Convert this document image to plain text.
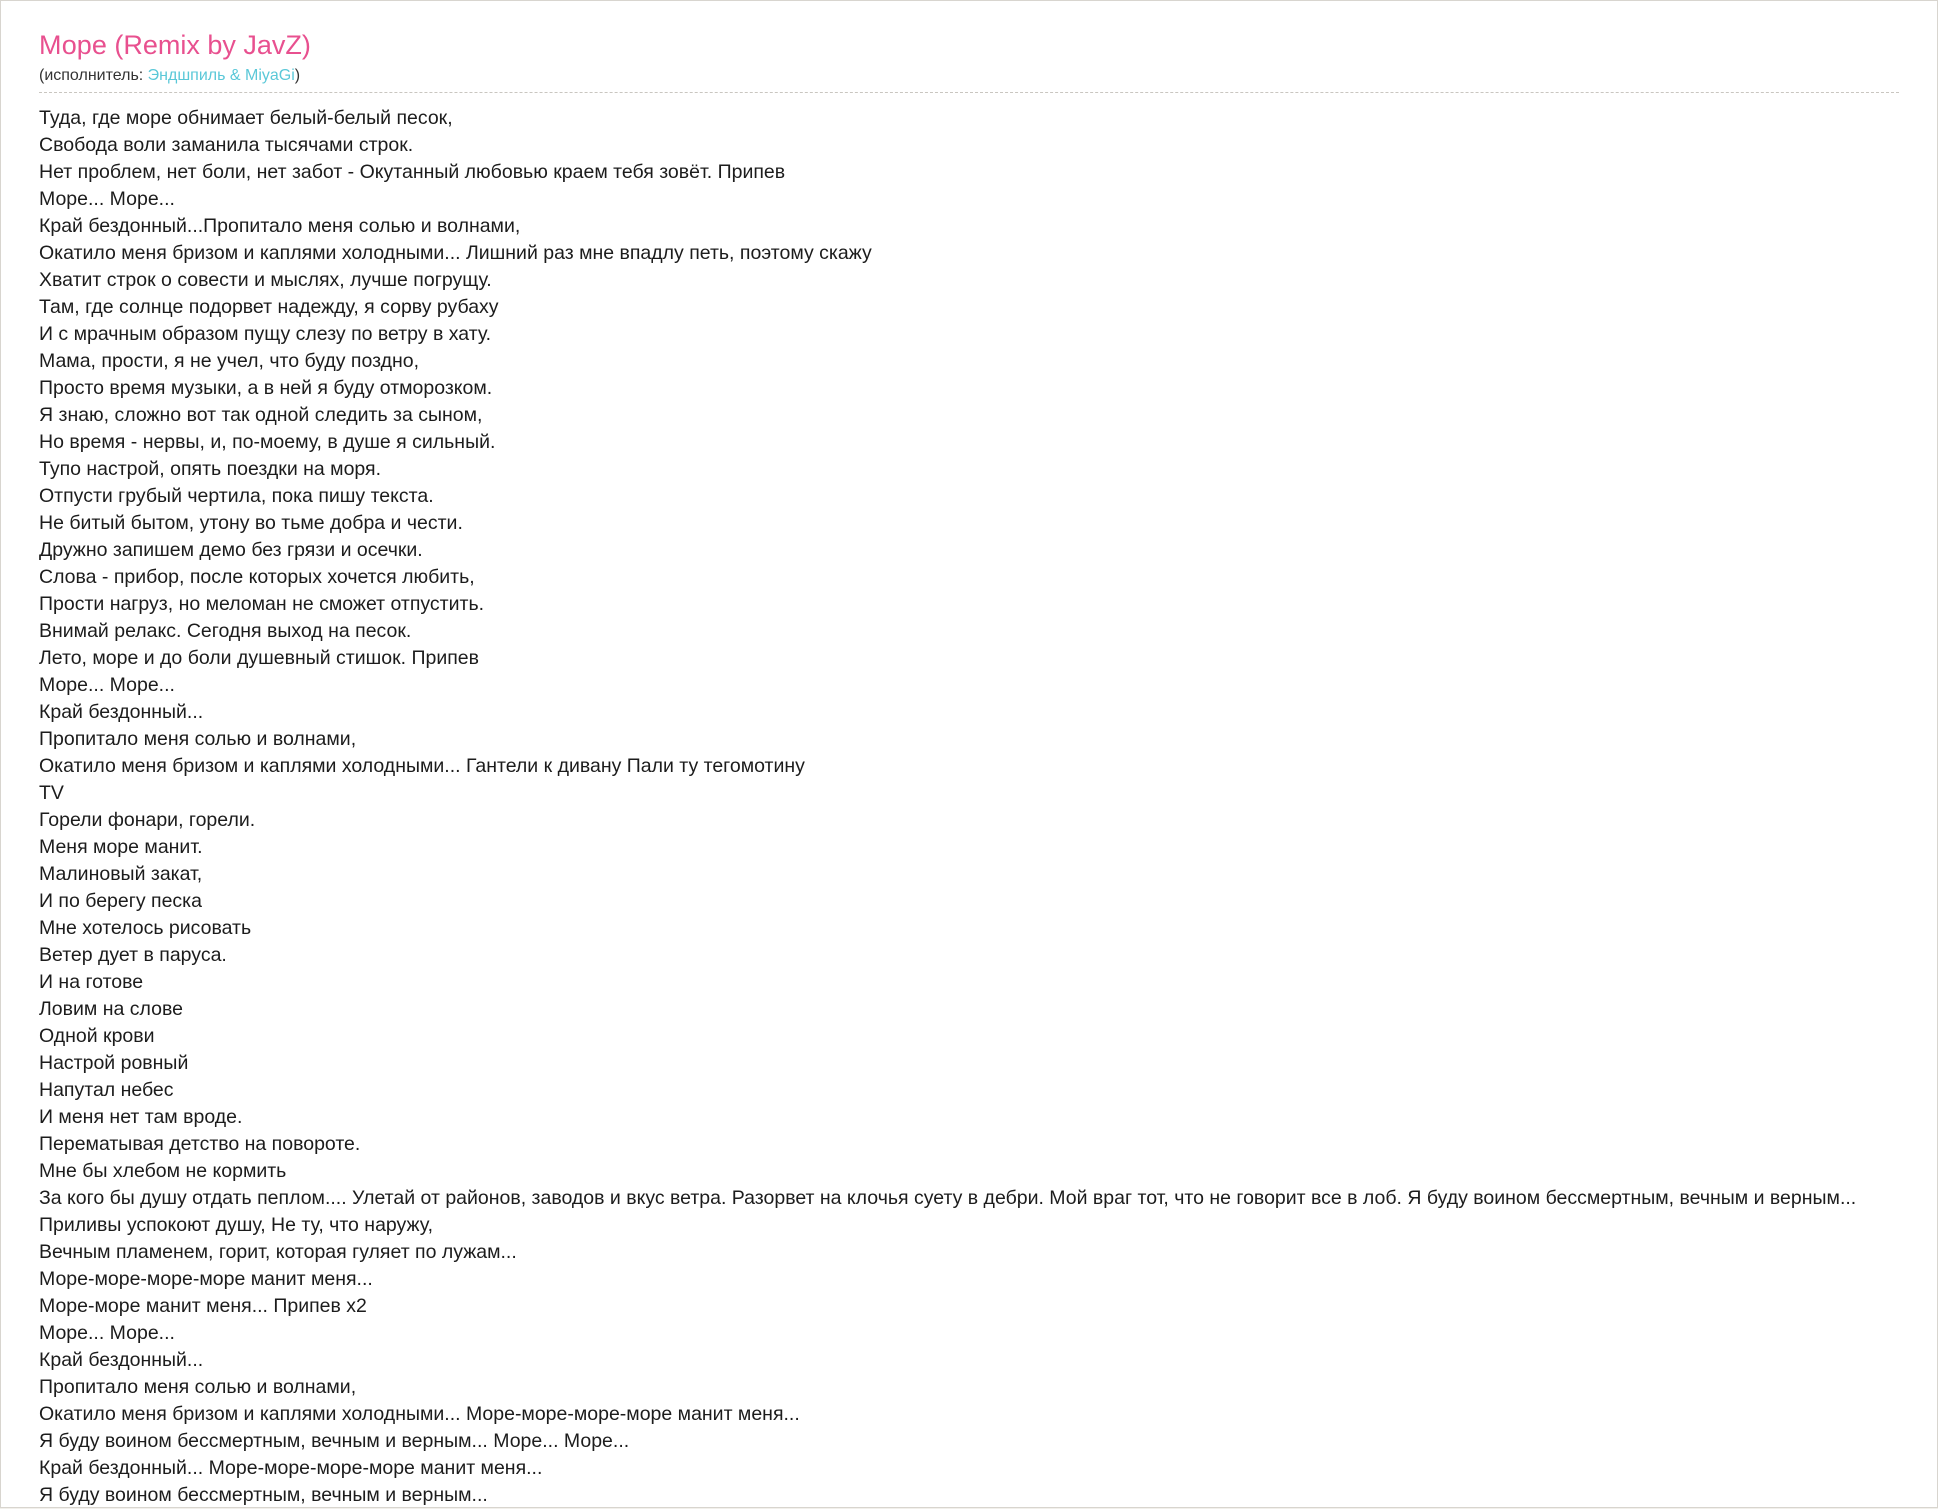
Море (Remix by JavZ)
(исполнитель: Эндшпиль & MiyaGi)
Туда, где море обнимает белый-белый песок,
Свобода воли заманила тысячами строк.
Нет проблем, нет боли, нет забот - Окутанный любовью краем тебя зовёт. Припев
Море... Море...
Край бездонный...Пропитало меня солью и волнами,
Окатило меня бризом и каплями холодными... Лишний раз мне впадлу петь, поэтому скажу
Хватит строк о совести и мыслях, лучше погрущу.
Там, где солнце подорвет надежду, я сорву рубаху
И с мрачным образом пущу слезу по ветру в хату.
Мама, прости, я не учел, что буду поздно,
Просто время музыки, а в ней я буду отморозком.
Я знаю, сложно вот так одной следить за сыном,
Но время - нервы, и, по-моему, в душе я сильный.
Тупо настрой, опять поездки на моря.
Отпусти грубый чертила, пока пишу текста.
Не битый бытом, утону во тьме добра и чести.
Дружно запишем демо без грязи и осечки.
Слова - прибор, после которых хочется любить,
Прости нагруз, но меломан не сможет отпустить.
Внимай релакс. Сегодня выход на песок.
Лето, море и до боли душевный стишок. Припев
Море... Море...
Край бездонный...
Пропитало меня солью и волнами,
Окатило меня бризом и каплями холодными... Гантели к дивану Пали ту тегомотину
TV
Горели фонари, горели.
Меня море манит.
Малиновый закат,
И по берегу песка
Мне хотелось рисовать
Ветер дует в паруса.
И на готове
Ловим на слове
Одной крови
Настрой ровный
Напутал небес
И меня нет там вроде.
Перематывая детство на повороте.
Мне бы хлебом не кормить
За кого бы душу отдать пеплом.... Улетай от районов, заводов и вкус ветра. Разорвет на клочья суету в дебри. Мой враг тот, что не говорит все в лоб. Я буду воином бессмертным, вечным и верным...
Приливы успокоют душу, Не ту, что наружу,
Вечным пламенем, горит, которая гуляет по лужам...
Море-море-море-море манит меня...
Море-море манит меня... Припев х2
Море... Море...
Край бездонный...
Пропитало меня солью и волнами,
Окатило меня бризом и каплями холодными... Море-море-море-море манит меня...
Я буду воином бессмертным, вечным и верным... Море... Море...
Край бездонный... Море-море-море-море манит меня...
Я буду воином бессмертным, вечным и верным...
